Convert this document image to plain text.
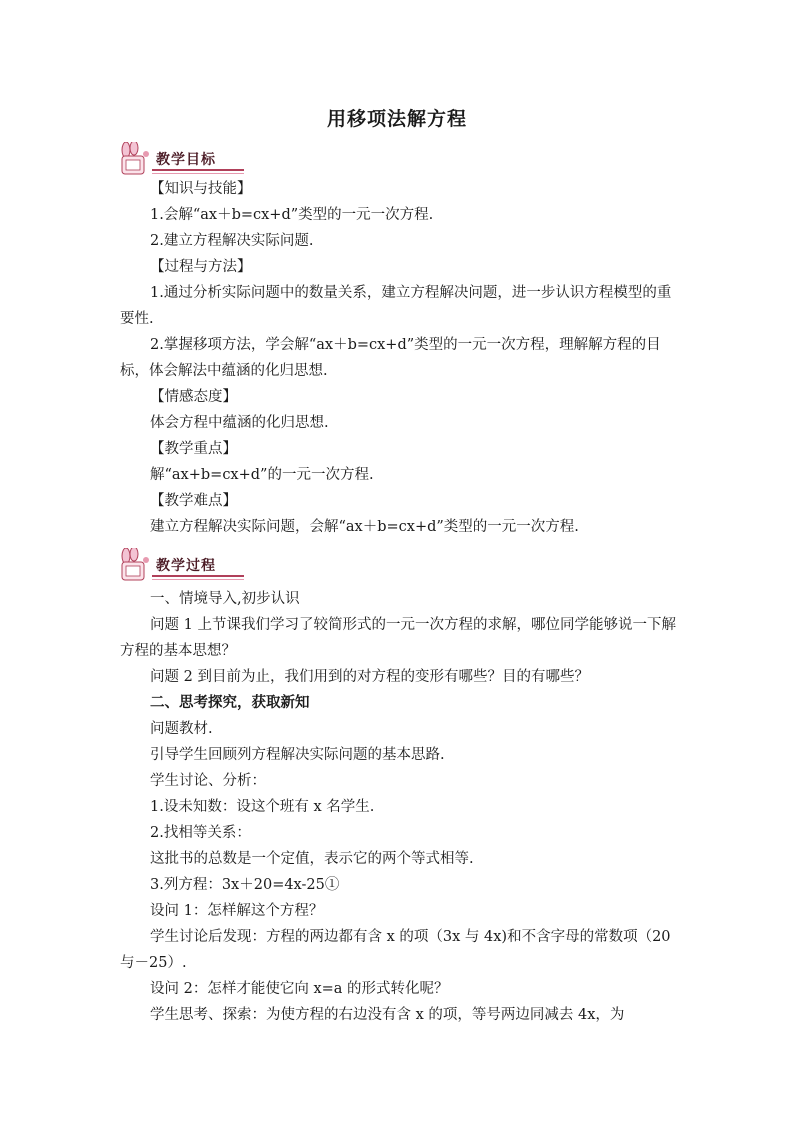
用移项法解方程
教学目标
教学过程

【知识与技能】

1.会解“ax＋b=cx+d”类型的一元一次方程.

2.建立方程解决实际问题.

【过程与方法】

1.通过分析实际问题中的数量关系，建立方程解决问题，进一步认识方程模型的重要性.

2.掌握移项方法，学会解“ax＋b=cx+d”类型的一元一次方程，理解解方程的目标，体会解法中蕴涵的化归思想.

【情感态度】

体会方程中蕴涵的化归思想.

【教学重点】

解“ax+b=cx+d”的一元一次方程.

【教学难点】

建立方程解决实际问题，会解“ax＋b=cx+d”类型的一元一次方程.

一、情境导入,初步认识

问题 1 上节课我们学习了较简形式的一元一次方程的求解，哪位同学能够说一下解方程的基本思想？

问题 2 到目前为止，我们用到的对方程的变形有哪些？目的有哪些？

二、思考探究，获取新知

问题教材.

引导学生回顾列方程解决实际问题的基本思路.

学生讨论、分析：

1.设未知数：设这个班有 x 名学生.

2.找相等关系：

这批书的总数是一个定值，表示它的两个等式相等.

3.列方程：3x＋20=4x-25①

设问 1：怎样解这个方程？

学生讨论后发现：方程的两边都有含 x 的项（3x 与 4x)和不含字母的常数项（20 与－25）.

设问 2：怎样才能使它向 x=a 的形式转化呢？

学生思考、探索：为使方程的右边没有含 x 的项，等号两边同减去 4x，为
